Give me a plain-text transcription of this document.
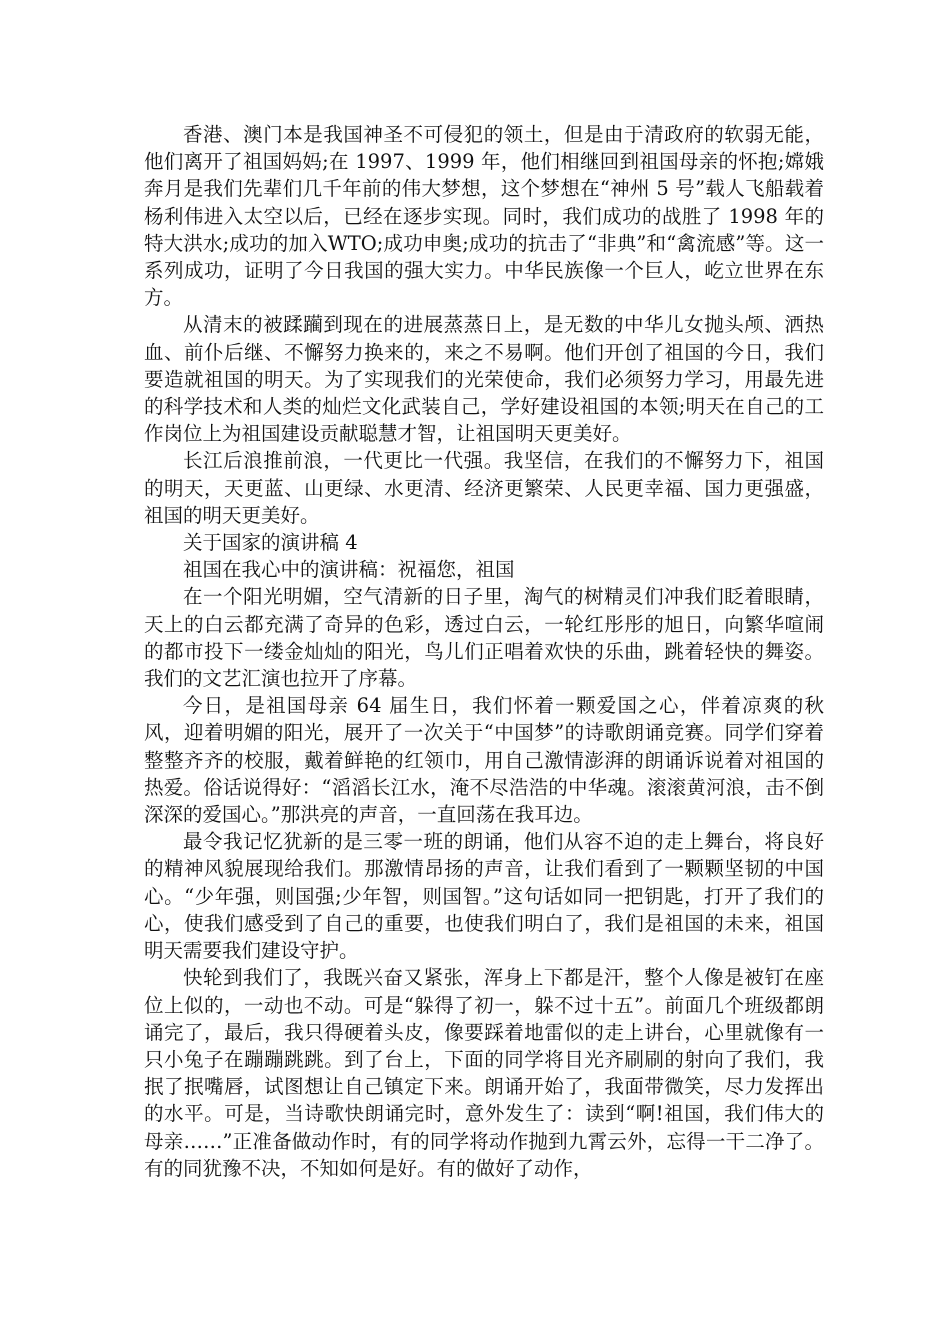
香港、澳门本是我国神圣不可侵犯的领土，但是由于清政府的软弱无能，他们离开了祖国妈妈;在 1997、1999 年，他们相继回到祖国母亲的怀抱;嫦娥奔月是我们先辈们几千年前的伟大梦想，这个梦想在“神州 5 号”载人飞船载着杨利伟进入太空以后，已经在逐步实现。同时，我们成功的战胜了 1998 年的特大洪水;成功的加入WTO;成功申奥;成功的抗击了“非典”和“禽流感”等。这一系列成功，证明了今日我国的强大实力。中华民族像一个巨人，屹立世界在东方。

从清末的被蹂躏到现在的进展蒸蒸日上，是无数的中华儿女抛头颅、洒热血、前仆后继、不懈努力换来的，来之不易啊。他们开创了祖国的今日，我们要造就祖国的明天。为了实现我们的光荣使命，我们必须努力学习，用最先进的科学技术和人类的灿烂文化武装自己，学好建设祖国的本领;明天在自己的工作岗位上为祖国建设贡献聪慧才智，让祖国明天更美好。

长江后浪推前浪，一代更比一代强。我坚信，在我们的不懈努力下，祖国的明天，天更蓝、山更绿、水更清、经济更繁荣、人民更幸福、国力更强盛，祖国的明天更美好。

关于国家的演讲稿 4

祖国在我心中的演讲稿：祝福您，祖国

在一个阳光明媚，空气清新的日子里，淘气的树精灵们冲我们眨着眼睛，天上的白云都充满了奇异的色彩，透过白云，一轮红彤彤的旭日，向繁华喧闹的都市投下一缕金灿灿的阳光，鸟儿们正唱着欢快的乐曲，跳着轻快的舞姿。我们的文艺汇演也拉开了序幕。

今日，是祖国母亲 64 届生日，我们怀着一颗爱国之心，伴着凉爽的秋风，迎着明媚的阳光，展开了一次关于“中国梦”的诗歌朗诵竞赛。同学们穿着整整齐齐的校服，戴着鲜艳的红领巾，用自己激情澎湃的朗诵诉说着对祖国的热爱。俗话说得好：“滔滔长江水，淹不尽浩浩的中华魂。滚滚黄河浪，击不倒深深的爱国心。”那洪亮的声音，一直回荡在我耳边。

最令我记忆犹新的是三零一班的朗诵，他们从容不迫的走上舞台，将良好的精神风貌展现给我们。那激情昂扬的声音，让我们看到了一颗颗坚韧的中国心。“少年强，则国强;少年智，则国智。”这句话如同一把钥匙，打开了我们的心，使我们感受到了自己的重要，也使我们明白了，我们是祖国的未来，祖国明天需要我们建设守护。

快轮到我们了，我既兴奋又紧张，浑身上下都是汗，整个人像是被钉在座位上似的，一动也不动。可是“躲得了初一，躲不过十五”。前面几个班级都朗诵完了，最后，我只得硬着头皮，像要踩着地雷似的走上讲台，心里就像有一只小兔子在蹦蹦跳跳。到了台上，下面的同学将目光齐刷刷的射向了我们，我抿了抿嘴唇，试图想让自己镇定下来。朗诵开始了，我面带微笑，尽力发挥出的水平。可是，当诗歌快朗诵完时，意外发生了：读到“啊!祖国，我们伟大的母亲……”正准备做动作时，有的同学将动作抛到九霄云外，忘得一干二净了。有的同犹豫不决，不知如何是好。有的做好了动作，
